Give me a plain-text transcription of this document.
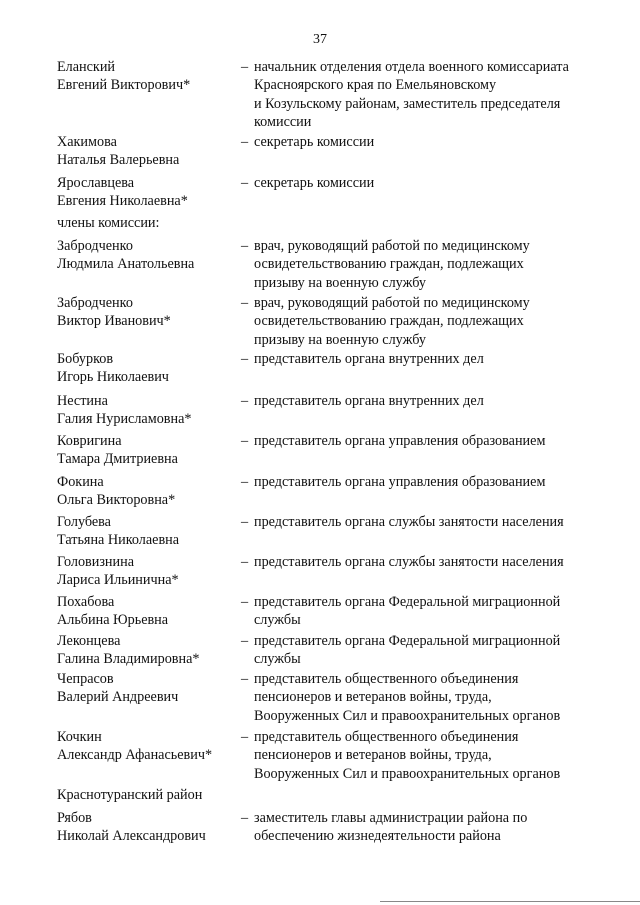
37
Еланский
Евгений Викторович*
– начальник отделения отдела военного комиссариата
Красноярского края по Емельяновскому
и Козульскому районам, заместитель председателя
комиссии
Хакимова
Наталья Валерьевна
– секретарь комиссии
Ярославцева
Евгения Николаевна*
– секретарь комиссии
члены комиссии:
Забродченко
Людмила Анатольевна
– врач, руководящий работой по медицинскому
освидетельствованию граждан, подлежащих
призыву на военную службу
Забродченко
Виктор Иванович*
– врач, руководящий работой по медицинскому
освидетельствованию граждан, подлежащих
призыву на военную службу
Бобурков
Игорь Николаевич
– представитель органа внутренних дел
Нестина
Галия Нурисламовна*
– представитель органа внутренних дел
Ковригина
Тамара Дмитриевна
– представитель органа управления образованием
Фокина
Ольга Викторовна*
– представитель органа управления образованием
Голубева
Татьяна Николаевна
– представитель органа службы занятости населения
Головизнина
Лариса Ильинична*
– представитель органа службы занятости населения
Похабова
Альбина Юрьевна
– представитель органа Федеральной миграционной
службы
Леконцева
Галина Владимировна*
– представитель органа Федеральной миграционной
службы
Чепрасов
Валерий Андреевич
– представитель общественного объединения
пенсионеров и ветеранов войны, труда,
Вооруженных Сил и правоохранительных органов
Кочкин
Александр Афанасьевич*
– представитель общественного объединения
пенсионеров и ветеранов войны, труда,
Вооруженных Сил и правоохранительных органов
Краснотуранский район
Рябов
Николай Александрович
– заместитель главы администрации района по
обеспечению жизнедеятельности района
